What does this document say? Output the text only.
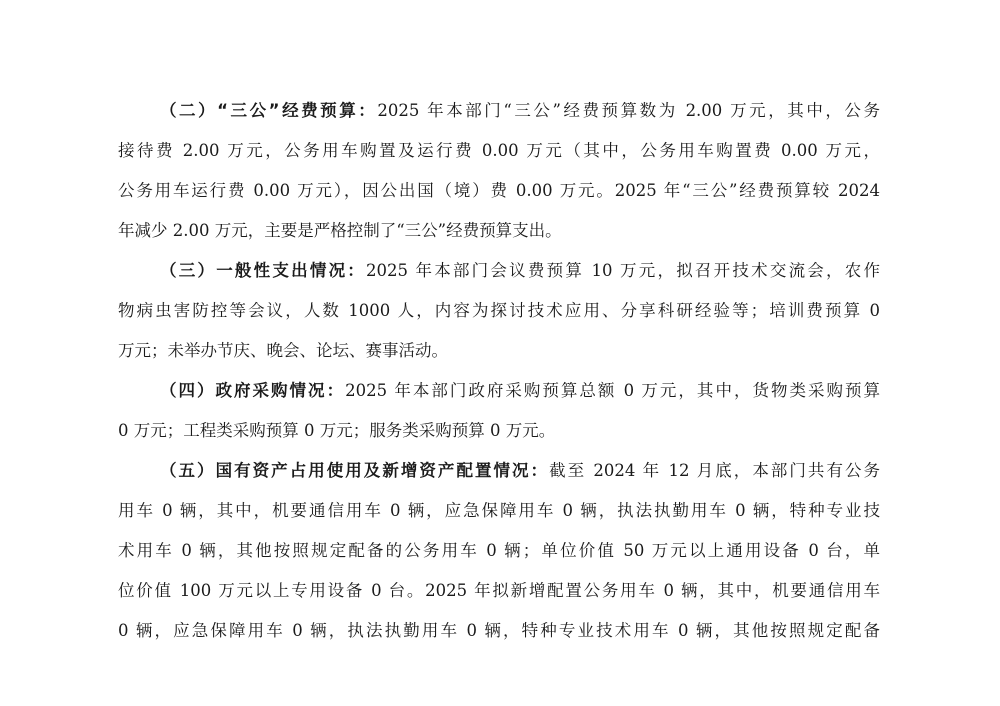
（二）“三公”经费预算：2025 年本部门“三公”经费预算数为 2.00 万元，其中，公务
接待费 2.00 万元，公务用车购置及运行费 0.00 万元（其中，公务用车购置费 0.00 万元，
公务用车运行费 0.00 万元），因公出国（境）费 0.00 万元。2025 年“三公”经费预算较 2024
年减少 2.00 万元，主要是严格控制了“三公”经费预算支出。
（三）一般性支出情况：2025 年本部门会议费预算 10 万元，拟召开技术交流会，农作
物病虫害防控等会议，人数 1000 人，内容为探讨技术应用、分享科研经验等；培训费预算 0
万元；未举办节庆、晚会、论坛、赛事活动。
（四）政府采购情况：2025 年本部门政府采购预算总额 0 万元，其中，货物类采购预算
0 万元；工程类采购预算 0 万元；服务类采购预算 0 万元。
（五）国有资产占用使用及新增资产配置情况：截至 2024 年 12 月底，本部门共有公务
用车 0 辆，其中，机要通信用车 0 辆，应急保障用车 0 辆，执法执勤用车 0 辆，特种专业技
术用车 0 辆，其他按照规定配备的公务用车 0 辆；单位价值 50 万元以上通用设备 0 台，单
位价值 100 万元以上专用设备 0 台。2025 年拟新增配置公务用车 0 辆，其中，机要通信用车
0 辆，应急保障用车 0 辆，执法执勤用车 0 辆，特种专业技术用车 0 辆，其他按照规定配备
